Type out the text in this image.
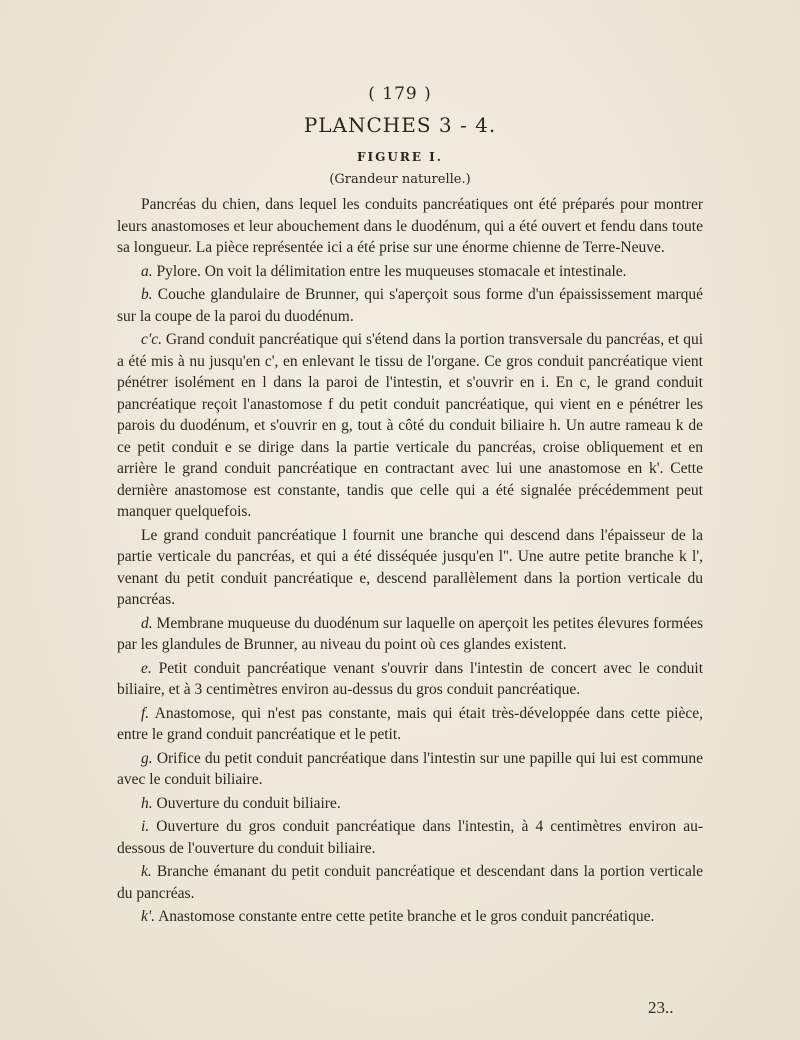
( 179 )
PLANCHES 3 - 4.
FIGURE I.
(Grandeur naturelle.)

Pancréas du chien, dans lequel les conduits pancréatiques ont été préparés pour montrer leurs anastomoses et leur abouchement dans le duodénum, qui a été ouvert et fendu dans toute sa longueur. La pièce représentée ici a été prise sur une énorme chienne de Terre-Neuve.

a. Pylore. On voit la délimitation entre les muqueuses stomacale et intestinale.

b. Couche glandulaire de Brunner, qui s'aperçoit sous forme d'un épaississement marqué sur la coupe de la paroi du duodénum.

c'c. Grand conduit pancréatique qui s'étend dans la portion transversale du pancréas, et qui a été mis à nu jusqu'en c', en enlevant le tissu de l'organe. Ce gros conduit pancréatique vient pénétrer isolément en l dans la paroi de l'intestin, et s'ouvrir en i. En c, le grand conduit pancréatique reçoit l'anastomose f du petit conduit pancréatique, qui vient en e pénétrer les parois du duodénum, et s'ouvrir en g, tout à côté du conduit biliaire h. Un autre rameau k de ce petit conduit e se dirige dans la partie verticale du pancréas, croise obliquement et en arrière le grand conduit pancréatique en contractant avec lui une anastomose en k'. Cette dernière anastomose est constante, tandis que celle qui a été signalée précédemment peut manquer quelquefois.

Le grand conduit pancréatique l fournit une branche qui descend dans l'épaisseur de la partie verticale du pancréas, et qui a été disséquée jusqu'en l''. Une autre petite branche k l', venant du petit conduit pancréatique e, descend parallèlement dans la portion verticale du pancréas.

d. Membrane muqueuse du duodénum sur laquelle on aperçoit les petites élevures formées par les glandules de Brunner, au niveau du point où ces glandes existent.

e. Petit conduit pancréatique venant s'ouvrir dans l'intestin de concert avec le conduit biliaire, et à 3 centimètres environ au-dessus du gros conduit pancréatique.

f. Anastomose, qui n'est pas constante, mais qui était très-développée dans cette pièce, entre le grand conduit pancréatique et le petit.

g. Orifice du petit conduit pancréatique dans l'intestin sur une papille qui lui est commune avec le conduit biliaire.

h. Ouverture du conduit biliaire.

i. Ouverture du gros conduit pancréatique dans l'intestin, à 4 centimètres environ au-dessous de l'ouverture du conduit biliaire.

k. Branche émanant du petit conduit pancréatique et descendant dans la portion verticale du pancréas.

k'. Anastomose constante entre cette petite branche et le gros conduit pancréatique.

23..
